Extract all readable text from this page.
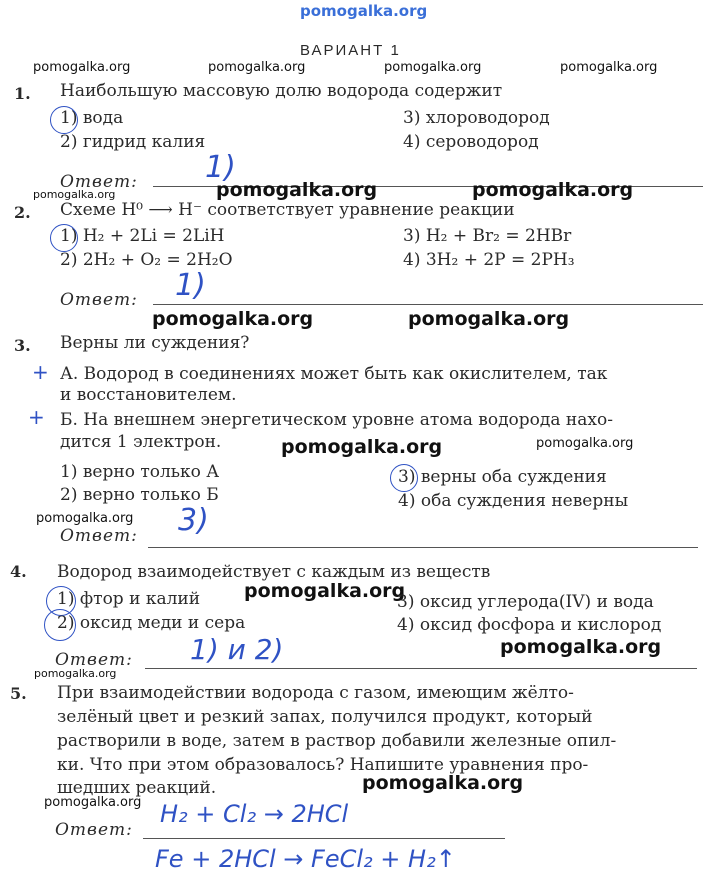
pomogalka.org
ВАРИАНТ 1
pomogalka.org	pomogalka.org	pomogalka.org	pomogalka.org
1. Наибольшую массовую долю водорода содержит
1) вода
2) гидрид калия
3) хлороводород
4) сероводород
Ответ: 1)
pomogalka.org	pomogalka.org	pomogalka.org
2. Схеме H⁰ ⟶ H⁻ соответствует уравнение реакции
1) H₂ + 2Li = 2LiH
2) 2H₂ + O₂ = 2H₂O
3) H₂ + Br₂ = 2HBr
4) 3H₂ + 2P = 2PH₃
Ответ: 1)
pomogalka.org	pomogalka.org
3. Верны ли суждения?
+ А. Водород в соединениях может быть как окислителем, так
и восстановителем.
+ Б. На внешнем энергетическом уровне атома водорода нахо-
дится 1 электрон.	pomogalka.org	pomogalka.org
1) верно только А
2) верно только Б
3) верны оба суждения
4) оба суждения неверны
pomogalka.org 3)
Ответ:
4. Водород взаимодействует с каждым из веществ
1) фтор и калий pomogalka.org
2) оксид меди и сера
3) оксид углерода(IV) и вода
4) оксид фосфора и кислород
pomogalka.org
Ответ: 1) и 2)
pomogalka.org
5. При взаимодействии водорода с газом, имеющим жёлто-
зелёный цвет и резкий запах, получился продукт, который
растворили в воде, затем в раствор добавили железные опил-
ки. Что при этом образовалось? Напишите уравнения про-
шедших реакций.	pomogalka.org
pomogalka.org
Ответ:
H₂ + Cl₂ → 2HCl
Fe + 2HCl → FeCl₂ + H₂↑
